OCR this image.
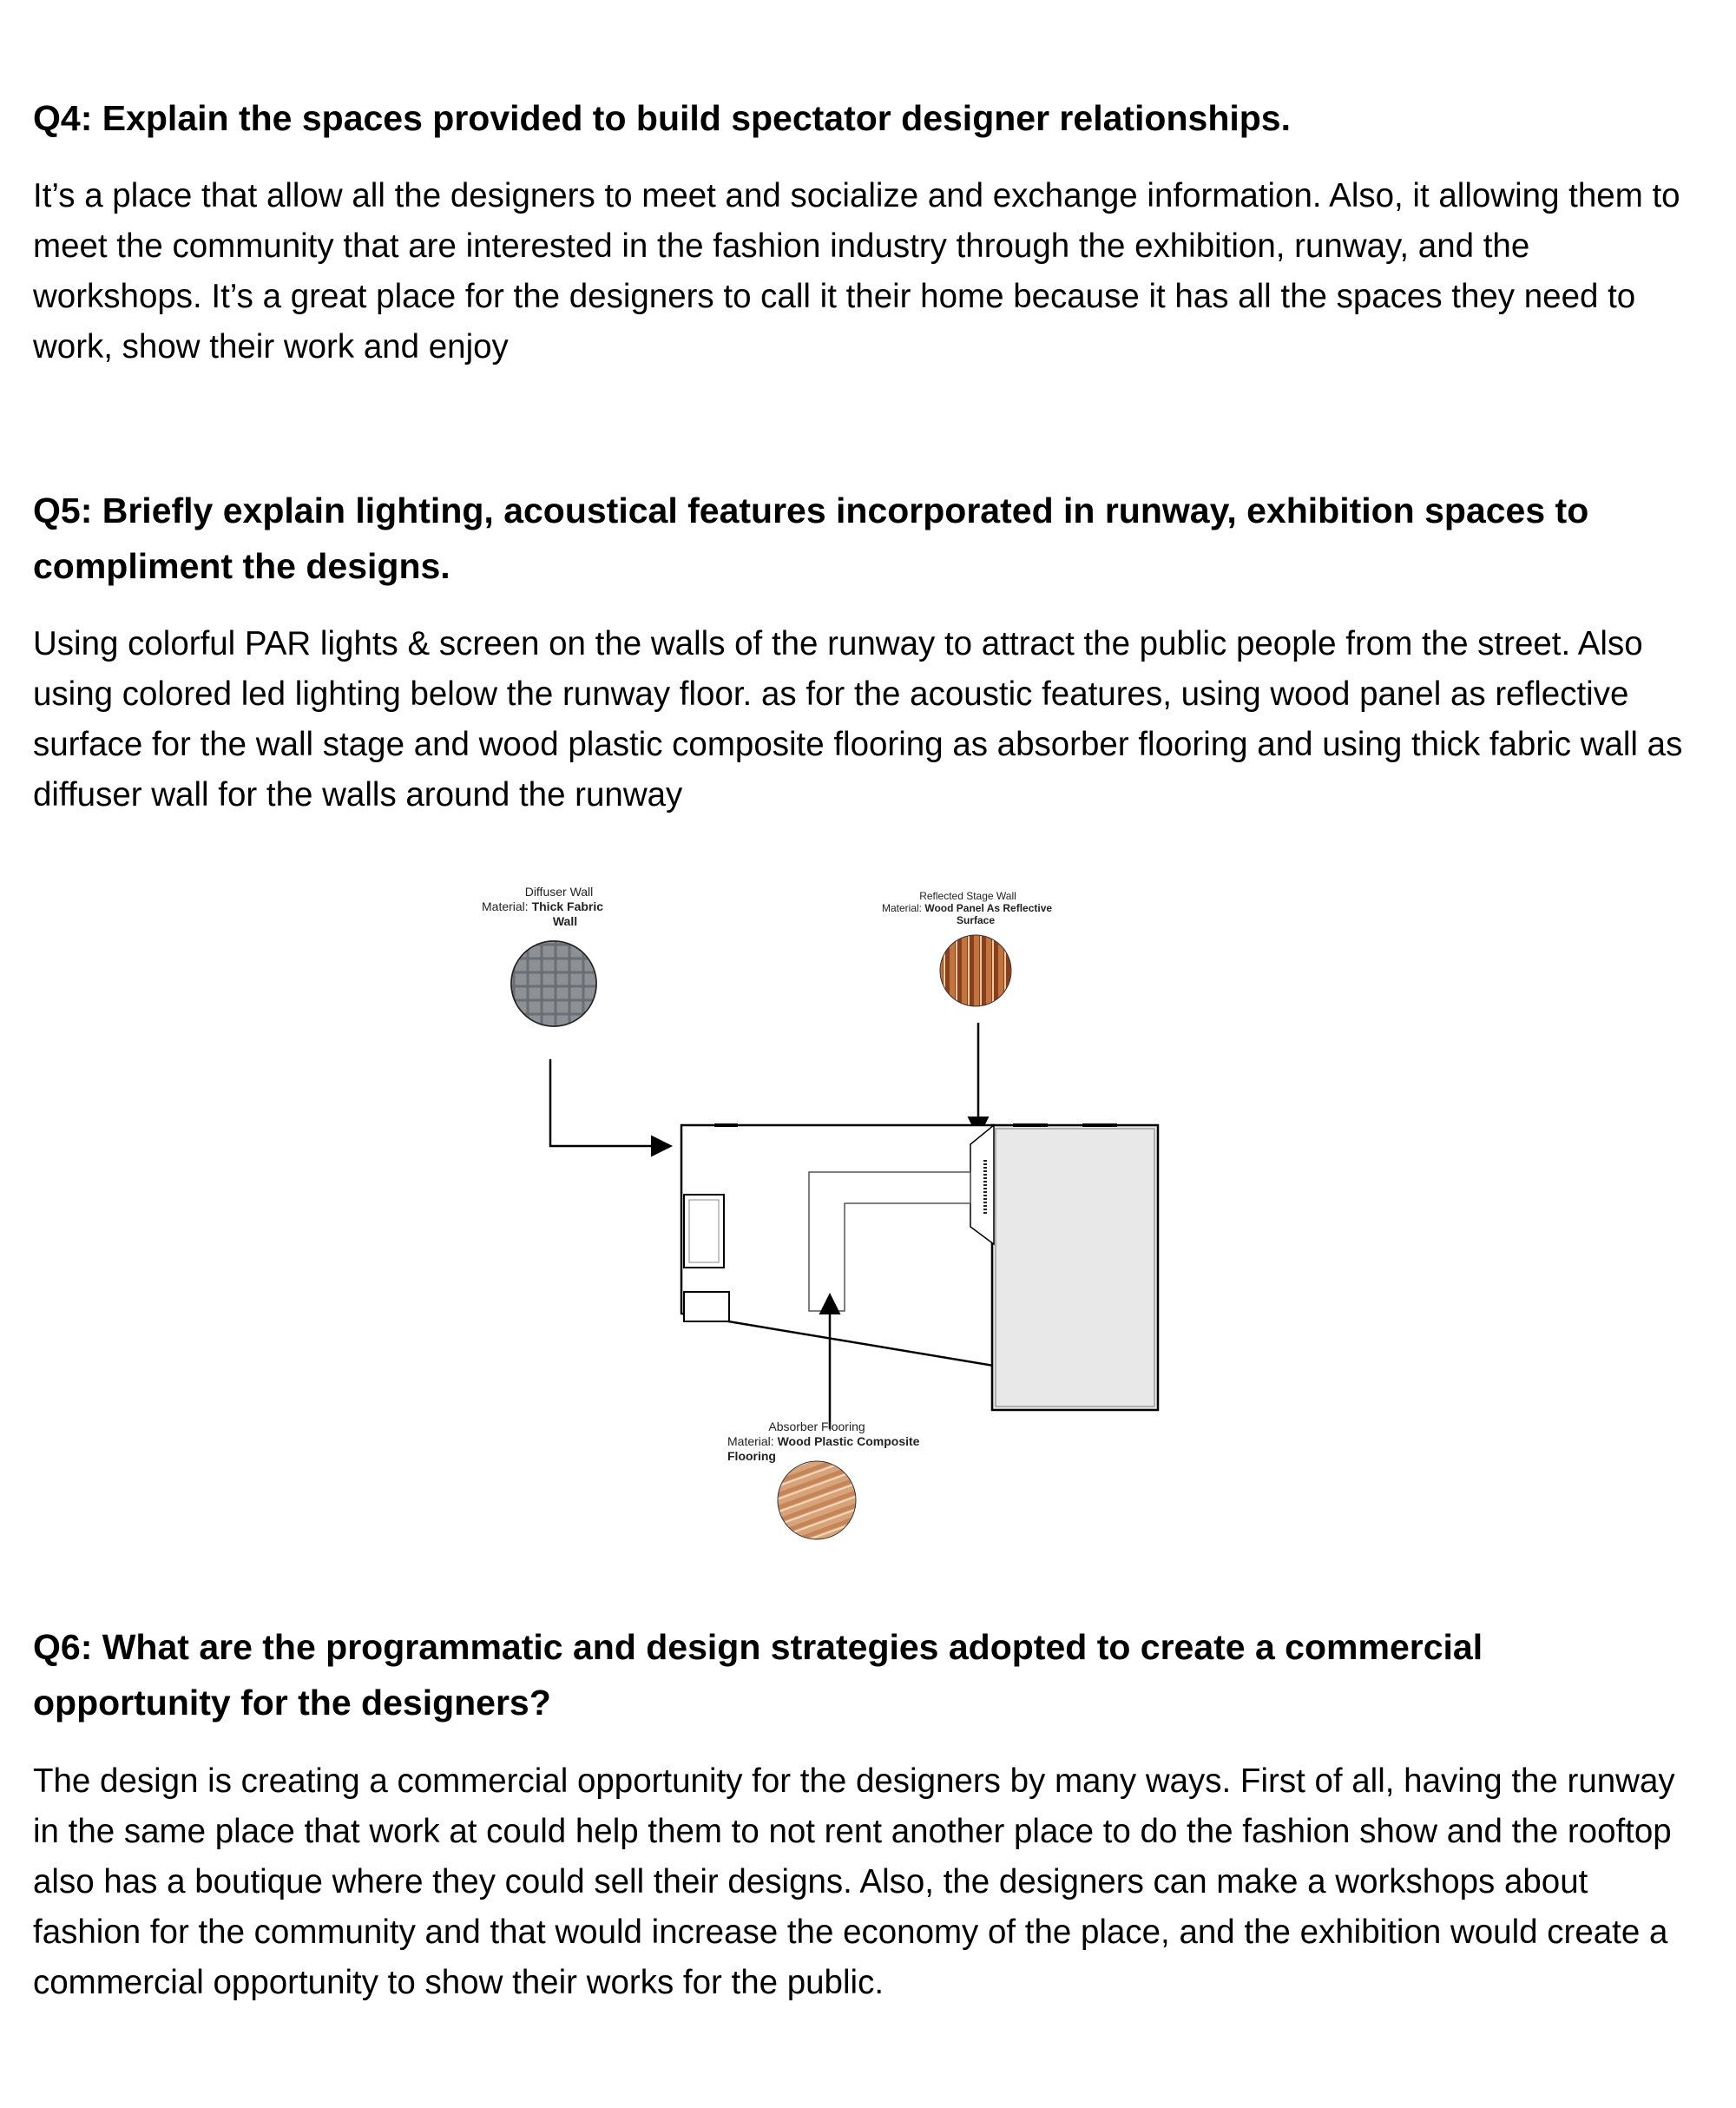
Q4: Explain the spaces provided to build spectator designer relationships.

It’s a place that allow all the designers to meet and socialize and exchange information. Also, it allowing them to meet the community that are interested in the fashion industry through the exhibition, runway, and the workshops. It’s a great place for the designers to call it their home because it has all the spaces they need to work, show their work and enjoy

Q5: Briefly explain lighting, acoustical features incorporated in runway, exhibition spaces to compliment the designs.

Using colorful PAR lights & screen on the walls of the runway to attract the public people from the street. Also using colored led lighting below the runway floor. as for the acoustic features, using wood panel as reflective surface for the wall stage and wood plastic composite flooring as absorber flooring and using thick fabric wall as diffuser wall for the walls around the runway

Diffuser Wall
Material: Thick Fabric
Wall
Reflected Stage Wall
Material: Wood Panel As Reflective
Surface
Absorber Flooring
Material: Wood Plastic Composite
Flooring
Q6: What are the programmatic and design strategies adopted to create a commercial opportunity for the designers?

The design is creating a commercial opportunity for the designers by many ways. First of all, having the runway in the same place that work at could help them to not rent another place to do the fashion show and the rooftop also has a boutique where they could sell their designs. Also, the designers can make a workshops about fashion for the community and that would increase the economy of the place, and the exhibition would create a commercial opportunity to show their works for the public.
